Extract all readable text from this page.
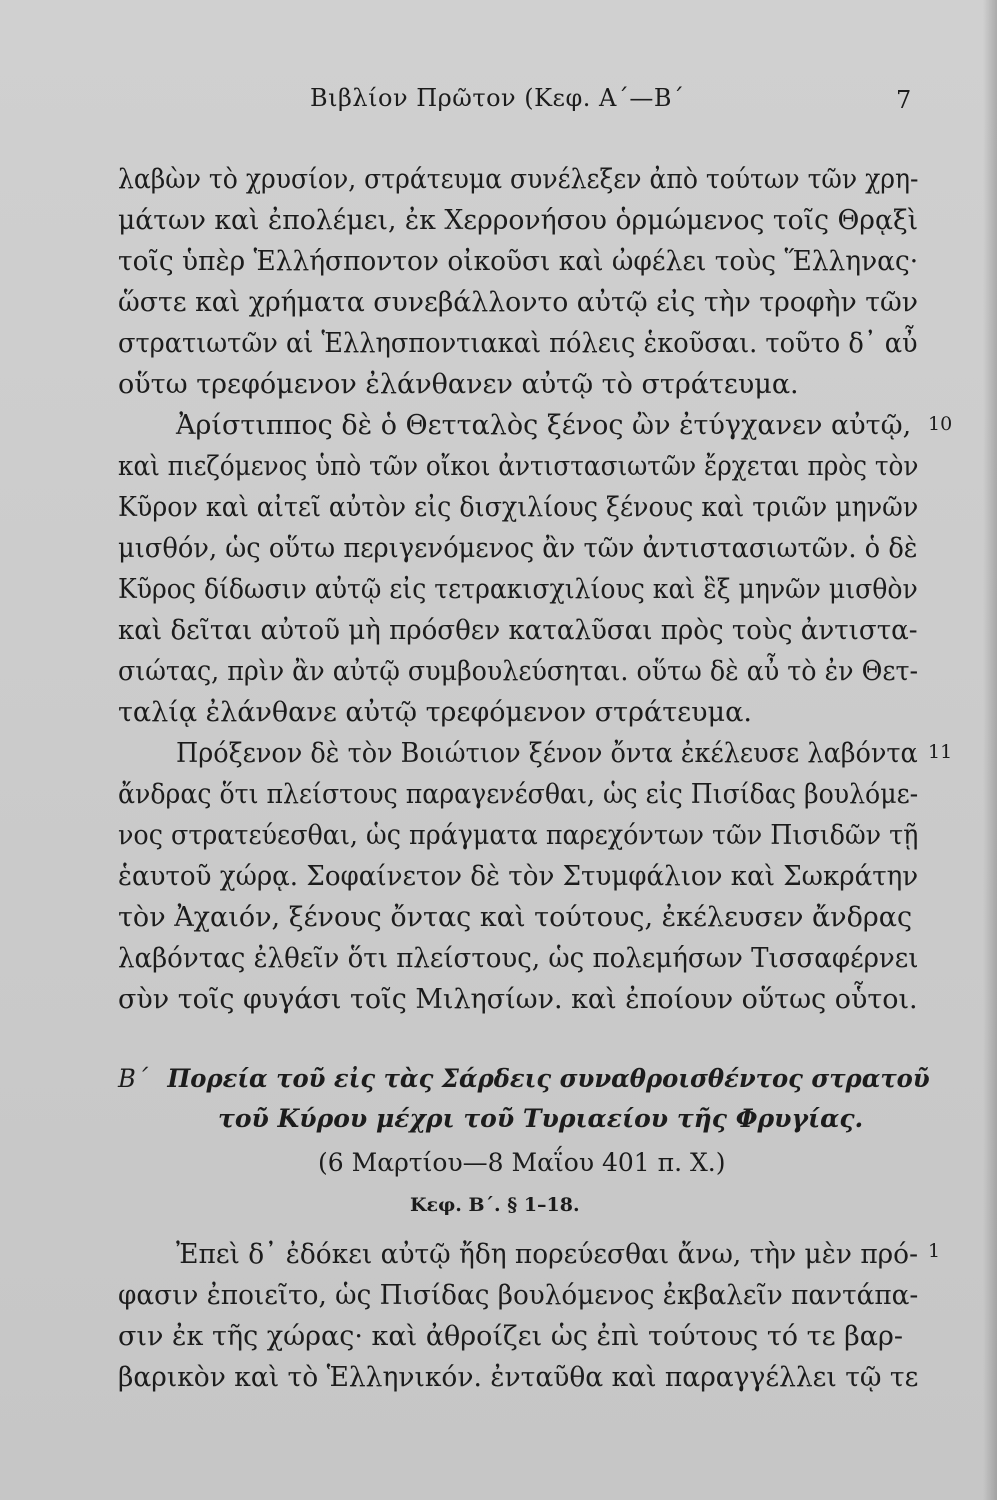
Βιβλίον Πρῶτον (Κεφ. Α΄—Β΄	7
λαβὼν τὸ χρυσίον, στράτευμα συνέλεξεν ἀπὸ τούτων τῶν χρη-
μάτων καὶ ἐπολέμει, ἐκ Χερρονήσου ὁρμώμενος τοῖς Θρᾳξὶ
τοῖς ὑπὲρ Ἑλλήσποντον οἰκοῦσι καὶ ὠφέλει τοὺς Ἕλληνας·
ὥστε καὶ χρήματα συνεβάλλοντο αὐτῷ εἰς τὴν τροφὴν τῶν
στρατιωτῶν αἱ Ἑλλησποντιακαὶ πόλεις ἑκοῦσαι. τοῦτο δ᾽ αὖ
οὕτω τρεφόμενον ἐλάνθανεν αὐτῷ τὸ στράτευμα.
Ἀρίστιππος δὲ ὁ Θετταλὸς ξένος ὢν ἐτύγχανεν αὐτῷ, 10
καὶ πιεζόμενος ὑπὸ τῶν οἴκοι ἀντιστασιωτῶν ἔρχεται πρὸς τὸν
Κῦρον καὶ αἰτεῖ αὐτὸν εἰς δισχιλίους ξένους καὶ τριῶν μηνῶν
μισθόν, ὡς οὕτω περιγενόμενος ἂν τῶν ἀντιστασιωτῶν. ὁ δὲ
Κῦρος δίδωσιν αὐτῷ εἰς τετρακισχιλίους καὶ ἓξ μηνῶν μισθὸν
καὶ δεῖται αὐτοῦ μὴ πρόσθεν καταλῦσαι πρὸς τοὺς ἀντιστα-
σιώτας, πρὶν ἂν αὐτῷ συμβουλεύσηται. οὕτω δὲ αὖ τὸ ἐν Θετ-
ταλίᾳ ἐλάνθανε αὐτῷ τρεφόμενον στράτευμα.
Πρόξενον δὲ τὸν Βοιώτιον ξένον ὄντα ἐκέλευσε λαβόντα 11
ἄνδρας ὅτι πλείστους παραγενέσθαι, ὡς εἰς Πισίδας βουλόμε-
νος στρατεύεσθαι, ὡς πράγματα παρεχόντων τῶν Πισιδῶν τῇ
ἑαυτοῦ χώρᾳ. Σοφαίνετον δὲ τὸν Στυμφάλιον καὶ Σωκράτην
τὸν Ἀχαιόν, ξένους ὄντας καὶ τούτους, ἐκέλευσεν ἄνδρας
λαβόντας ἐλθεῖν ὅτι πλείστους, ὡς πολεμήσων Τισσαφέρνει
σὺν τοῖς φυγάσι τοῖς Μιλησίων. καὶ ἐποίουν οὕτως οὗτοι.
Β΄ Πορεία τοῦ εἰς τὰς Σάρδεις συναθροισθέντος στρατοῦ
τοῦ Κύρου μέχρι τοῦ Τυριαείου τῆς Φρυγίας.
(6 Μαρτίου—8 Μαΐου 401 π. Χ.)
Κεφ. Β΄. § 1–18.
Ἐπεὶ δ᾽ ἐδόκει αὐτῷ ἤδη πορεύεσθαι ἄνω, τὴν μὲν πρό- 1
φασιν ἐποιεῖτο, ὡς Πισίδας βουλόμενος ἐκβαλεῖν παντάπα-
σιν ἐκ τῆς χώρας· καὶ ἀθροίζει ὡς ἐπὶ τούτους τό τε βαρ-
βαρικὸν καὶ τὸ Ἑλληνικόν. ἐνταῦθα καὶ παραγγέλλει τῷ τε
